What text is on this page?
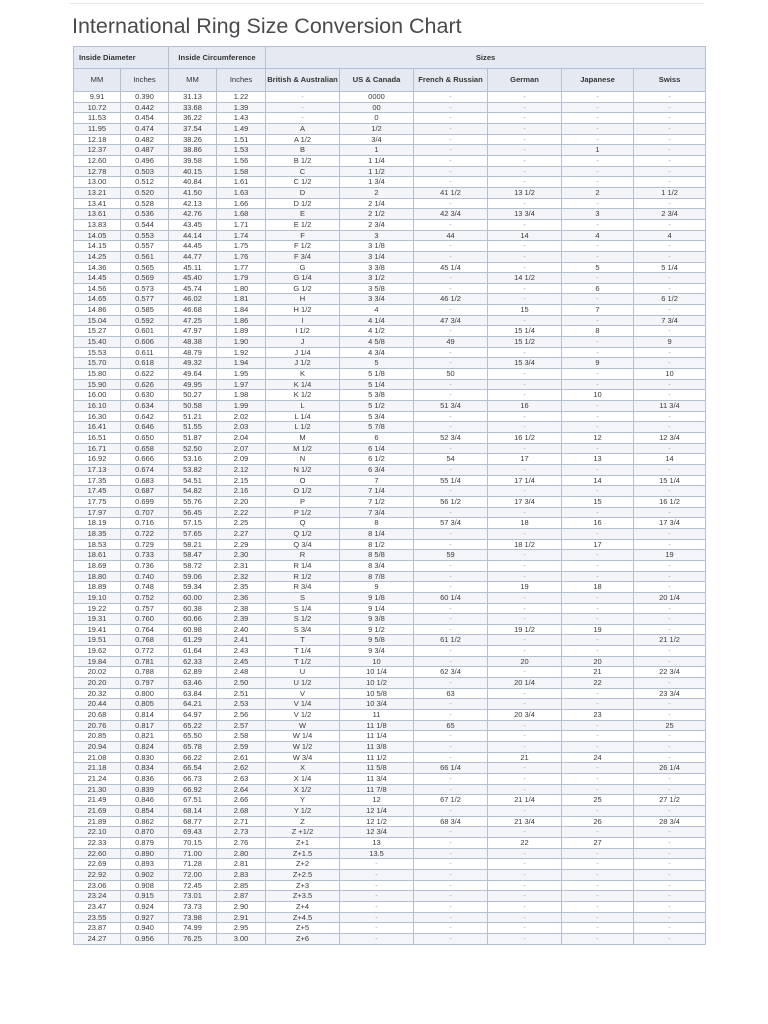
International Ring Size Conversion Chart
Inside Diameter		Inside Circumference		Sizes					
MM	Inches	MM	Inches	British & Australian	US & Canada	French & Russian	German	Japanese	Swiss
9.91	0.390	31.13	1.22	-	0000	-	-	-	-
10.72	0.442	33.68	1.39	-	00	-	-	-	-
11.53	0.454	36.22	1.43	-	0	-	-	-	-
11.95	0.474	37.54	1.49	A	1/2	-	-	-	-
12.18	0.482	38.26	1.51	A 1/2	3/4	-	-	-	-
12.37	0.487	38.86	1.53	B	1	-	-	1	-
12.60	0.496	39.58	1.56	B 1/2	1 1/4	-	-	-	-
12.78	0.503	40.15	1.58	C	1 1/2	-	-	-	-
13.00	0.512	40.84	1.61	C 1/2	1 3/4	-	-	-	-
13.21	0.520	41.50	1.63	D	2	41 1/2	13 1/2	2	1 1/2
13.41	0.528	42.13	1.66	D 1/2	2 1/4	-	-	-	-
13.61	0.536	42.76	1.68	E	2 1/2	42 3/4	13 3/4	3	2 3/4
13.83	0.544	43.45	1.71	E 1/2	2 3/4	-	-	-	-
14.05	0.553	44.14	1.74	F	3	44	14	4	4
14.15	0.557	44.45	1.75	F 1/2	3 1/8	-	-	-	-
14.25	0.561	44.77	1.76	F 3/4	3 1/4	-	-	-	-
14.36	0.565	45.11	1.77	G	3 3/8	45 1/4	-	5	5 1/4
14.45	0.569	45.40	1.79	G 1/4	3 1/2	-	14 1/2	-	-
14.56	0.573	45.74	1.80	G 1/2	3 5/8	-	-	6	-
14.65	0.577	46.02	1.81	H	3 3/4	46 1/2	-	-	6 1/2
14.86	0.585	46.68	1.84	H 1/2	4	-	15	7	-
15.04	0.592	47.25	1.86	I	4 1/4	47 3/4	-	-	7 3/4
15.27	0.601	47.97	1.89	I 1/2	4 1/2	-	15 1/4	8	-
15.40	0.606	48.38	1.90	J	4 5/8	49	15 1/2	-	9
15.53	0.611	48.79	1.92	J 1/4	4 3/4	-	-	-	-
15.70	0.618	49.32	1.94	J 1/2	5	-	15 3/4	9	-
15.80	0.622	49.64	1.95	K	5 1/8	50	-	-	10
15.90	0.626	49.95	1.97	K 1/4	5 1/4	-	-	-	-
16.00	0.630	50.27	1.98	K 1/2	5 3/8	-	-	10	-
16.10	0.634	50.58	1.99	L	5 1/2	51 3/4	16	-	11 3/4
16.30	0.642	51.21	2.02	L 1/4	5 3/4	-	-	-	-
16.41	0.646	51.55	2.03	L 1/2	5 7/8	-	-	-	-
16.51	0.650	51.87	2.04	M	6	52 3/4	16 1/2	12	12 3/4
16.71	0.658	52.50	2.07	M 1/2	6 1/4	-	-	-	-
16.92	0.666	53.16	2.09	N	6 1/2	54	17	13	14
17.13	0.674	53.82	2.12	N 1/2	6 3/4	-	-	-	-
17.35	0.683	54.51	2.15	O	7	55 1/4	17 1/4	14	15 1/4
17.45	0.687	54.82	2.16	O 1/2	7 1/4	-	-	-	-
17.75	0.699	55.76	2.20	P	7 1/2	56 1/2	17 3/4	15	16 1/2
17.97	0.707	56.45	2.22	P 1/2	7 3/4	-	-	-	-
18.19	0.716	57.15	2.25	Q	8	57 3/4	18	16	17 3/4
18.35	0.722	57.65	2.27	Q 1/2	8 1/4	-	-	-	-
18.53	0.729	58.21	2.29	Q 3/4	8 1/2	-	18 1/2	17	-
18.61	0.733	58.47	2.30	R	8 5/8	59	-	-	19
18.69	0.736	58.72	2.31	R 1/4	8 3/4	-	-	-	-
18.80	0.740	59.06	2.32	R 1/2	8 7/8	-	-	-	-
18.89	0.748	59.34	2.35	R 3/4	9	-	19	18	-
19.10	0.752	60.00	2.36	S	9 1/8	60 1/4	-	-	20 1/4
19.22	0.757	60.38	2.38	S 1/4	9 1/4	-	-	-	-
19.31	0.760	60.66	2.39	S 1/2	9 3/8	-	-	-	-
19.41	0.764	60.98	2.40	S 3/4	9 1/2	-	19 1/2	19	-
19.51	0.768	61.29	2.41	T	9 5/8	61 1/2	-	-	21 1/2
19.62	0.772	61.64	2.43	T 1/4	9 3/4	-	-	-	-
19.84	0.781	62.33	2.45	T 1/2	10	-	20	20	-
20.02	0.788	62.89	2.48	U	10 1/4	62 3/4	-	21	22 3/4
20.20	0.797	63.46	2.50	U 1/2	10 1/2	-	20 1/4	22	-
20.32	0.800	63.84	2.51	V	10 5/8	63	-	-	23 3/4
20.44	0.805	64.21	2.53	V 1/4	10 3/4	-	-	-	-
20.68	0.814	64.97	2.56	V 1/2	11	-	20 3/4	23	-
20.76	0.817	65.22	2.57	W	11 1/8	65	-	-	25
20.85	0.821	65.50	2.58	W 1/4	11 1/4	-	-	-	-
20.94	0.824	65.78	2.59	W 1/2	11 3/8	-	-	-	-
21.08	0.830	66.22	2.61	W 3/4	11 1/2	-	21	24	-
21.18	0.834	66.54	2.62	X	11 5/8	66 1/4	-	-	26 1/4
21.24	0.836	66.73	2.63	X 1/4	11 3/4	-	-	-	-
21.30	0.839	66.92	2.64	X 1/2	11 7/8	-	-	-	-
21.49	0.846	67.51	2.66	Y	12	67 1/2	21 1/4	25	27 1/2
21.69	0.854	68.14	2.68	Y 1/2	12 1/4	-	-	-	-
21.89	0.862	68.77	2.71	Z	12 1/2	68 3/4	21 3/4	26	28 3/4
22.10	0.870	69.43	2.73	Z +1/2	12 3/4	-	-	-	-
22.33	0.879	70.15	2.76	Z+1	13	-	22	27	-
22.60	0.890	71.00	2.80	Z+1.5	13.5	-	-	-	-
22.69	0.893	71.28	2.81	Z+2	-	-	-	-	-
22.92	0.902	72.00	2.83	Z+2.5	-	-	-	-	-
23.06	0.908	72.45	2.85	Z+3	-	-	-	-	-
23.24	0.915	73.01	2.87	Z+3.5	-	-	-	-	-
23.47	0.924	73.73	2.90	Z+4	-	-	-	-	-
23.55	0.927	73.98	2.91	Z+4.5	-	-	-	-	-
23.87	0.940	74.99	2.95	Z+5	-	-	-	-	-
24.27	0.956	76.25	3.00	Z+6	-	-	-	-	-
